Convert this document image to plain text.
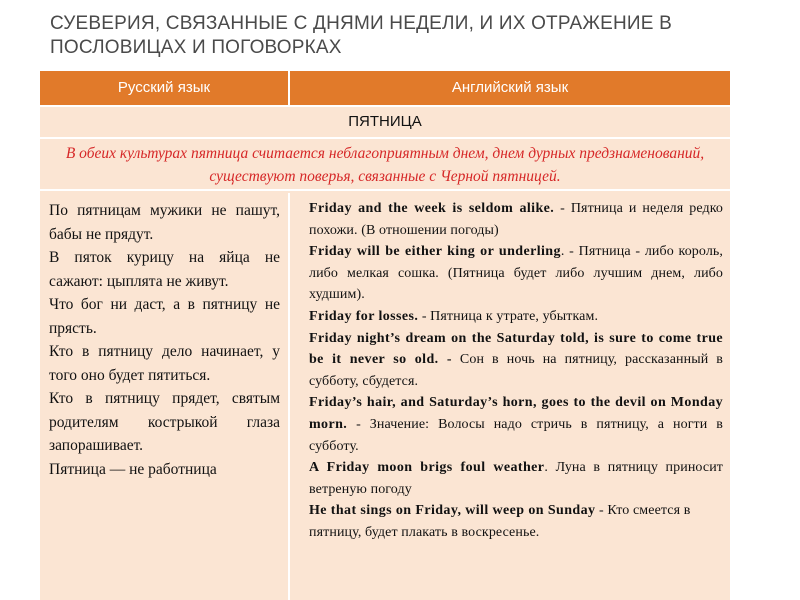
СУЕВЕРИЯ, СВЯЗАННЫЕ С ДНЯМИ НЕДЕЛИ, И ИХ ОТРАЖЕНИЕ В ПОСЛОВИЦАХ И ПОГОВОРКАХ
Русский язык	Английский язык
ПЯТНИЦА
В обеих культурах пятница считается неблагоприятным днем, днем дурных предзнаменований, существуют поверья, связанные с Черной пятницей.

По пятницам мужики не пашут, бабы не прядут.

В пяток курицу на яйца не сажают: цыплята не живут.

Что бог ни даст, а в пятницу не прясть.

Кто в пятницу дело начинает, у того оно будет пятиться.

Кто в пятницу прядет, святым родителям кострыкой глаза запорашивает.

Пятница — не работница

Friday and the week is seldom alike. - Пятница и неделя редко похожи. (В отношении погоды)

Friday will be either king or underling. - Пятница - либо король, либо мелкая сошка. (Пятница будет либо лучшим днем, либо худшим).

Friday for losses. - Пятница к утрате, убыткам.

Friday night’s dream on the Saturday told, is sure to come true be it never so old. - Сон в ночь на пятницу, рассказанный в субботу, сбудется.

Friday’s hair, and Saturday’s horn, goes to the devil on Monday morn. - Значение: Волосы надо стричь в пятницу, а ногти в субботу.

A Friday moon brigs foul weather. Луна в пятницу приносит ветреную погоду

He that sings on Friday, will weep on Sunday - Кто смеется в пятницу, будет плакать в воскресенье.
